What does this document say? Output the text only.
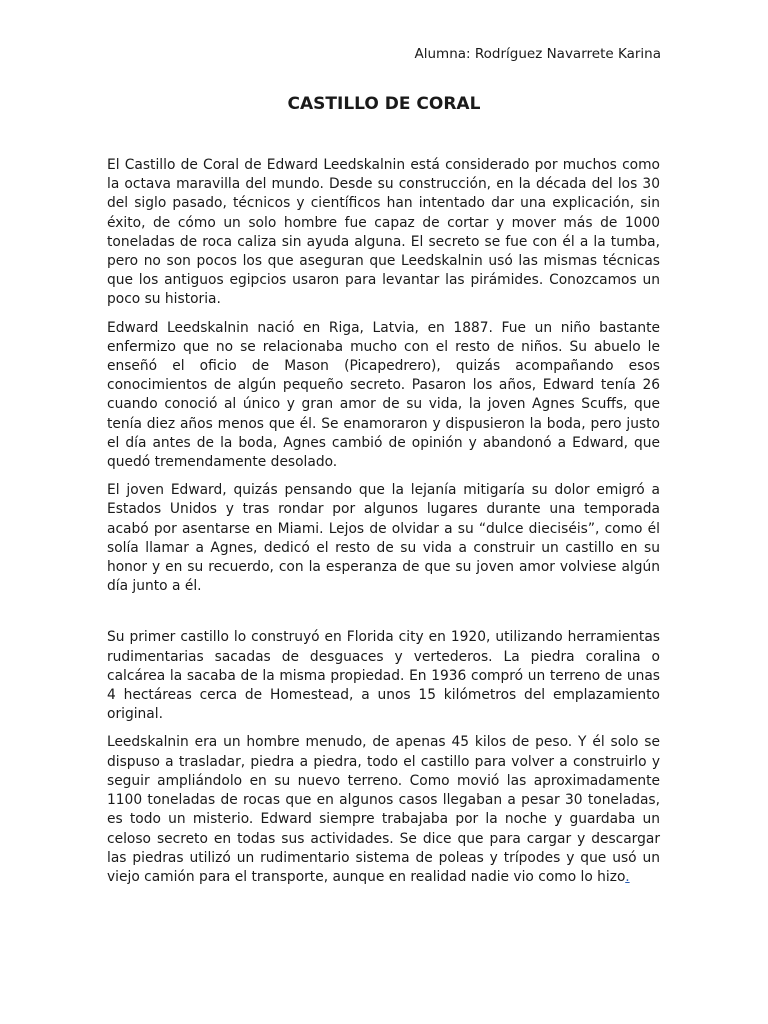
Alumna: Rodríguez Navarrete Karina
CASTILLO DE CORAL

El Castillo de Coral de Edward Leedskalnin está considerado por muchos como la octava maravilla del mundo. Desde su construcción, en la década del los 30 del siglo pasado, técnicos y científicos han intentado dar una explicación, sin éxito, de cómo un solo hombre fue capaz de cortar y mover más de 1000 toneladas de roca caliza sin ayuda alguna. El secreto se fue con él a la tumba, pero no son pocos los que aseguran que Leedskalnin usó las mismas técnicas que los antiguos egipcios usaron para levantar las pirámides. Conozcamos un poco su historia.

Edward Leedskalnin nació en Riga, Latvia, en 1887. Fue un niño bastante enfermizo que no se relacionaba mucho con el resto de niños. Su abuelo le enseñó el oficio de Mason (Picapedrero), quizás acompañando esos conocimientos de algún pequeño secreto. Pasaron los años, Edward tenía 26 cuando conoció al único y gran amor de su vida, la joven Agnes Scuffs, que tenía diez años menos que él. Se enamoraron y dispusieron la boda, pero justo el día antes de la boda, Agnes cambió de opinión y abandonó a Edward, que quedó tremendamente desolado.

El joven Edward, quizás pensando que la lejanía mitigaría su dolor emigró a Estados Unidos y tras rondar por algunos lugares durante una temporada acabó por asentarse en Miami. Lejos de olvidar a su “dulce dieciséis”, como él solía llamar a Agnes, dedicó el resto de su vida a construir un castillo en su honor y en su recuerdo, con la esperanza de que su joven amor volviese algún día junto a él.

Su primer castillo lo construyó en Florida city en 1920, utilizando herramientas rudimentarias sacadas de desguaces y vertederos. La piedra coralina o calcárea la sacaba de la misma propiedad. En 1936 compró un terreno de unas 4 hectáreas cerca de Homestead, a unos 15 kilómetros del emplazamiento original.

Leedskalnin era un hombre menudo, de apenas 45 kilos de peso. Y él solo se dispuso a trasladar, piedra a piedra, todo el castillo para volver a construirlo y seguir ampliándolo en su nuevo terreno. Como movió las aproximadamente 1100 toneladas de rocas que en algunos casos llegaban a pesar 30 toneladas, es todo un misterio. Edward siempre trabajaba por la noche y guardaba un celoso secreto en todas sus actividades. Se dice que para cargar y descargar las piedras utilizó un rudimentario sistema de poleas y trípodes y que usó un viejo camión para el transporte, aunque en realidad nadie vio como lo hizo.
